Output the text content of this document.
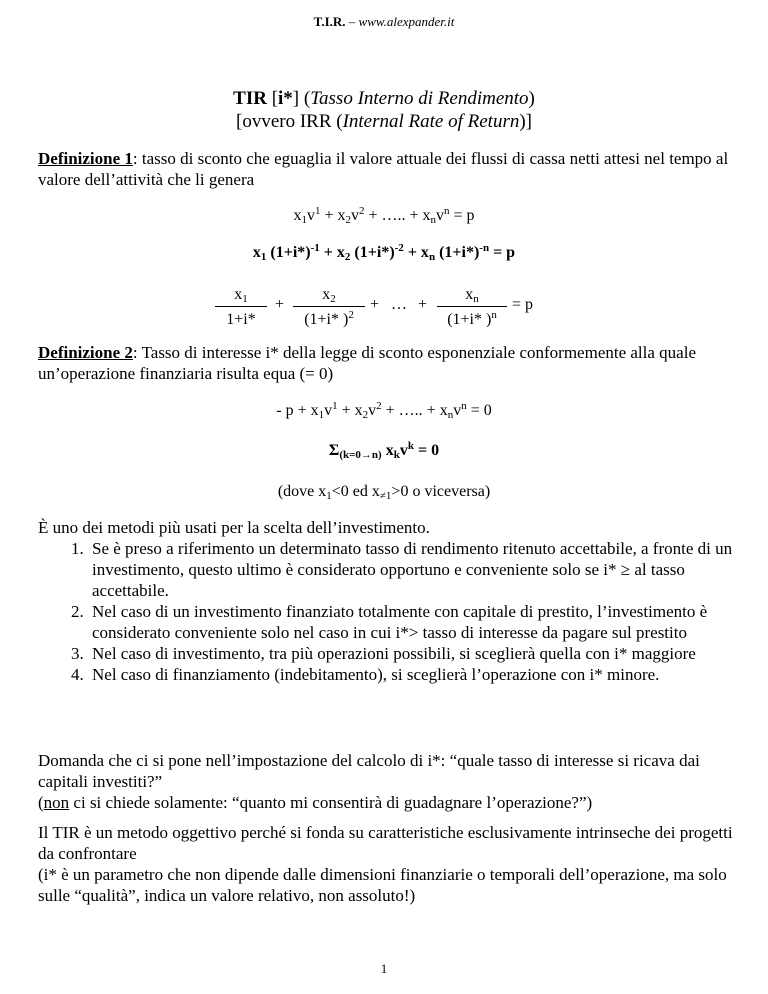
T.I.R. – www.alexpander.it
TIR [i*] (Tasso Interno di Rendimento)
[ovvero IRR (Internal Rate of Return)]
Definizione 1: tasso di sconto che eguaglia il valore attuale dei flussi di cassa netti attesi nel tempo al valore dell’attività che li genera
$x_1v^1 + x_2v^2$ + ….. + $x_nv^n = p$
$x_1$ $(1+i*)^{-1} + x_2$ $(1+i*)^{-2} + x_n$ $(1+i*)^{-n} = p$
$\frac{x_1}{1+i*} + \frac{x_2}{(1+i* )^2}$ + … + $\frac{x_n}{(1+i* )^n} = p$
Definizione 2: Tasso di interesse i* della legge di sconto esponenziale conformemente alla quale un’operazione finanziaria risulta equa (= 0)
- $p + x_1v^1 + x_2v^2$ + ….. + $x_nv^n = 0$
$\Sigma_{(k=0\to n)}$ $x_kv^k = 0$
(dove $x_1<0$ ed $x_{\ne 1}>0$ o viceversa)
È uno dei metodi più usati per la scelta dell’investimento.
1. Se è preso a riferimento un determinato tasso di rendimento ritenuto accettabile, a fronte di un investimento, questo ultimo è considerato opportuno e conveniente solo se i* ≥ al tasso accettabile.
2. Nel caso di un investimento finanziato totalmente con capitale di prestito, l’investimento è considerato conveniente solo nel caso in cui i*> tasso di interesse da pagare sul prestito
3. Nel caso di investimento, tra più operazioni possibili, si sceglierà quella con i* maggiore
4. Nel caso di finanziamento (indebitamento), si sceglierà l’operazione con i* minore.
Domanda che ci si pone nell’impostazione del calcolo di i*: “quale tasso di interesse si ricava dai capitali investiti?”
(non ci si chiede solamente: “quanto mi consentirà di guadagnare l’operazione?”)
Il TIR è un metodo oggettivo perché si fonda su caratteristiche esclusivamente intrinseche dei progetti da confrontare
(i* è un parametro che non dipende dalle dimensioni finanziarie o temporali dell’operazione, ma solo sulle “qualità”, indica un valore relativo, non assoluto!)
1
